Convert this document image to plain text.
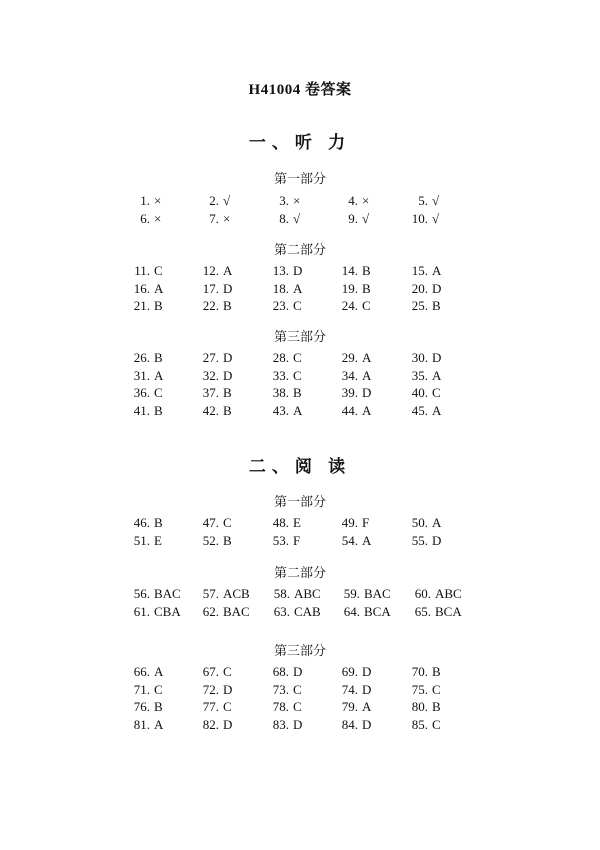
H41004 卷答案
一、听 力
第一部分
1. ×	2. √	3. ×	4. ×	5. √
6. ×	7. ×	8. √	9. √	10. √
第二部分
11. C	12. A	13. D	14. B	15. A
16. A	17. D	18. A	19. B	20. D
21. B	22. B	23. C	24. C	25. B
第三部分
26. B	27. D	28. C	29. A	30. D
31. A	32. D	33. C	34. A	35. A
36. C	37. B	38. B	39. D	40. C
41. B	42. B	43. A	44. A	45. A
二、阅 读
第一部分
46. B	47. C	48. E	49. F	50. A
51. E	52. B	53. F	54. A	55. D
第二部分
56. BAC	57. ACB	58. ABC	59. BAC	60. ABC
61. CBA	62. BAC	63. CAB	64. BCA	65. BCA
第三部分
66. A	67. C	68. D	69. D	70. B
71. C	72. D	73. C	74. D	75. C
76. B	77. C	78. C	79. A	80. B
81. A	82. D	83. D	84. D	85. C
